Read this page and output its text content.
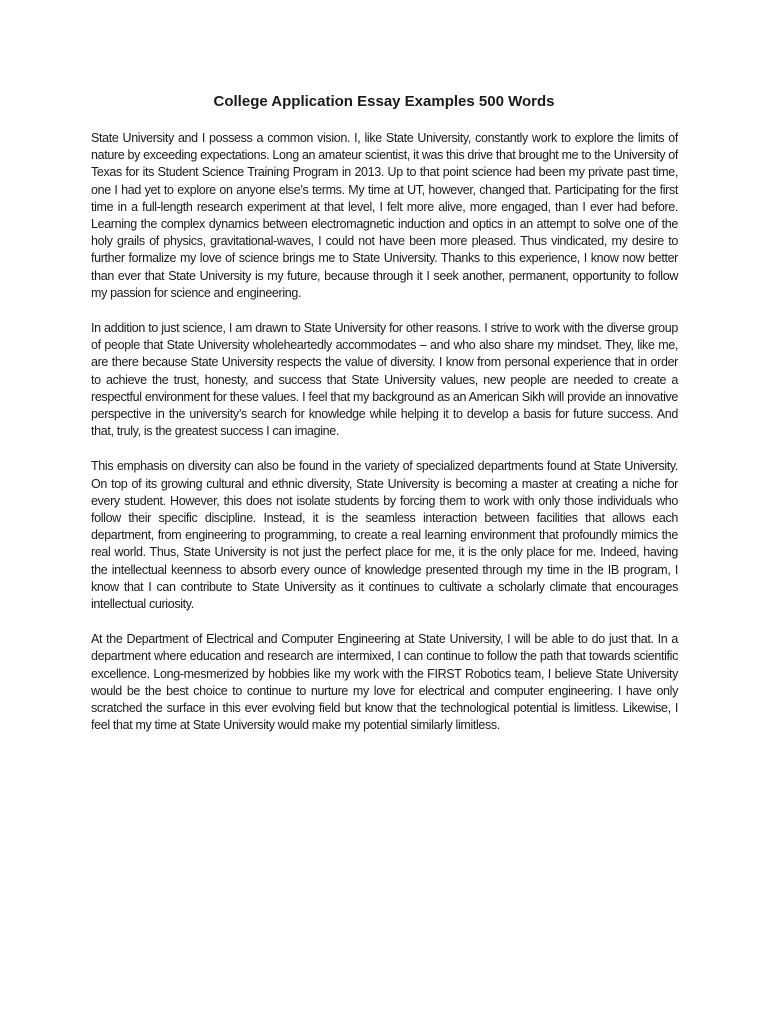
College Application Essay Examples 500 Words

State University and I possess a common vision. I, like State University, constantly work to explore the limits of nature by exceeding expectations. Long an amateur scientist, it was this drive that brought me to the University of Texas for its Student Science Training Program in 2013. Up to that point science had been my private past time, one I had yet to explore on anyone else’s terms. My time at UT, however, changed that. Participating for the first time in a full-length research experiment at that level, I felt more alive, more engaged, than I ever had before. Learning the complex dynamics between electromagnetic induction and optics in an attempt to solve one of the holy grails of physics, gravitational-waves, I could not have been more pleased. Thus vindicated, my desire to further formalize my love of science brings me to State University. Thanks to this experience, I know now better than ever that State University is my future, because through it I seek another, permanent, opportunity to follow my passion for science and engineering.

In addition to just science, I am drawn to State University for other reasons. I strive to work with the diverse group of people that State University wholeheartedly accommodates – and who also share my mindset. They, like me, are there because State University respects the value of diversity. I know from personal experience that in order to achieve the trust, honesty, and success that State University values, new people are needed to create a respectful environment for these values. I feel that my background as an American Sikh will provide an innovative perspective in the university’s search for knowledge while helping it to develop a basis for future success. And that, truly, is the greatest success I can imagine.

This emphasis on diversity can also be found in the variety of specialized departments found at State University. On top of its growing cultural and ethnic diversity, State University is becoming a master at creating a niche for every student. However, this does not isolate students by forcing them to work with only those individuals who follow their specific discipline. Instead, it is the seamless interaction between facilities that allows each department, from engineering to programming, to create a real learning environment that profoundly mimics the real world. Thus, State University is not just the perfect place for me, it is the only place for me. Indeed, having the intellectual keenness to absorb every ounce of knowledge presented through my time in the IB program, I know that I can contribute to State University as it continues to cultivate a scholarly climate that encourages intellectual curiosity.

At the Department of Electrical and Computer Engineering at State University, I will be able to do just that. In a department where education and research are intermixed, I can continue to follow the path that towards scientific excellence. Long-mesmerized by hobbies like my work with the FIRST Robotics team, I believe State University would be the best choice to continue to nurture my love for electrical and computer engineering. I have only scratched the surface in this ever evolving field but know that the technological potential is limitless. Likewise, I feel that my time at State University would make my potential similarly limitless.
